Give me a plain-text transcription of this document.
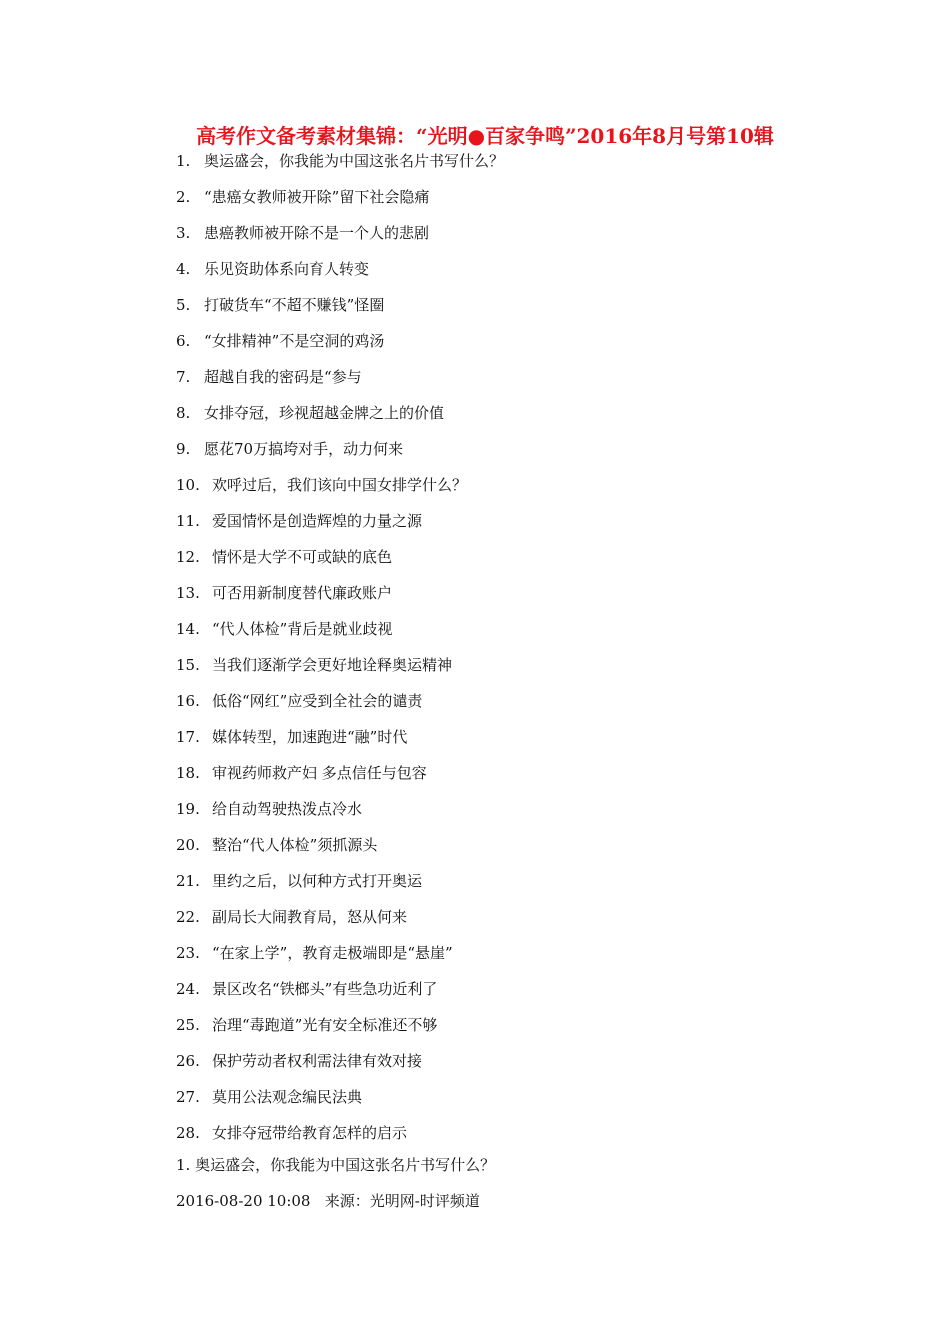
高考作文备考素材集锦：“光明●百家争鸣”2016年8月号第10辑
1. 奥运盛会，你我能为中国这张名片书写什么？
2. “患癌女教师被开除”留下社会隐痛
3. 患癌教师被开除不是一个人的悲剧
4. 乐见资助体系向育人转变
5. 打破货车“不超不赚钱”怪圈
6. “女排精神”不是空洞的鸡汤
7. 超越自我的密码是“参与
8. 女排夺冠，珍视超越金牌之上的价值
9. 愿花70万搞垮对手，动力何来
10. 欢呼过后，我们该向中国女排学什么？
11. 爱国情怀是创造辉煌的力量之源
12. 情怀是大学不可或缺的底色
13. 可否用新制度替代廉政账户
14. “代人体检”背后是就业歧视
15. 当我们逐渐学会更好地诠释奥运精神
16. 低俗“网红”应受到全社会的谴责
17. 媒体转型，加速跑进“融”时代
18. 审视药师救产妇 多点信任与包容
19. 给自动驾驶热泼点冷水
20. 整治“代人体检”须抓源头
21. 里约之后，以何种方式打开奥运
22. 副局长大闹教育局，怒从何来
23. “在家上学”，教育走极端即是“悬崖”
24. 景区改名“铁榔头”有些急功近利了
25. 治理“毒跑道”光有安全标准还不够
26. 保护劳动者权利需法律有效对接
27. 莫用公法观念编民法典
28. 女排夺冠带给教育怎样的启示
1. 奥运盛会，你我能为中国这张名片书写什么？
2016-08-20 10:08 来源：光明网-时评频道
